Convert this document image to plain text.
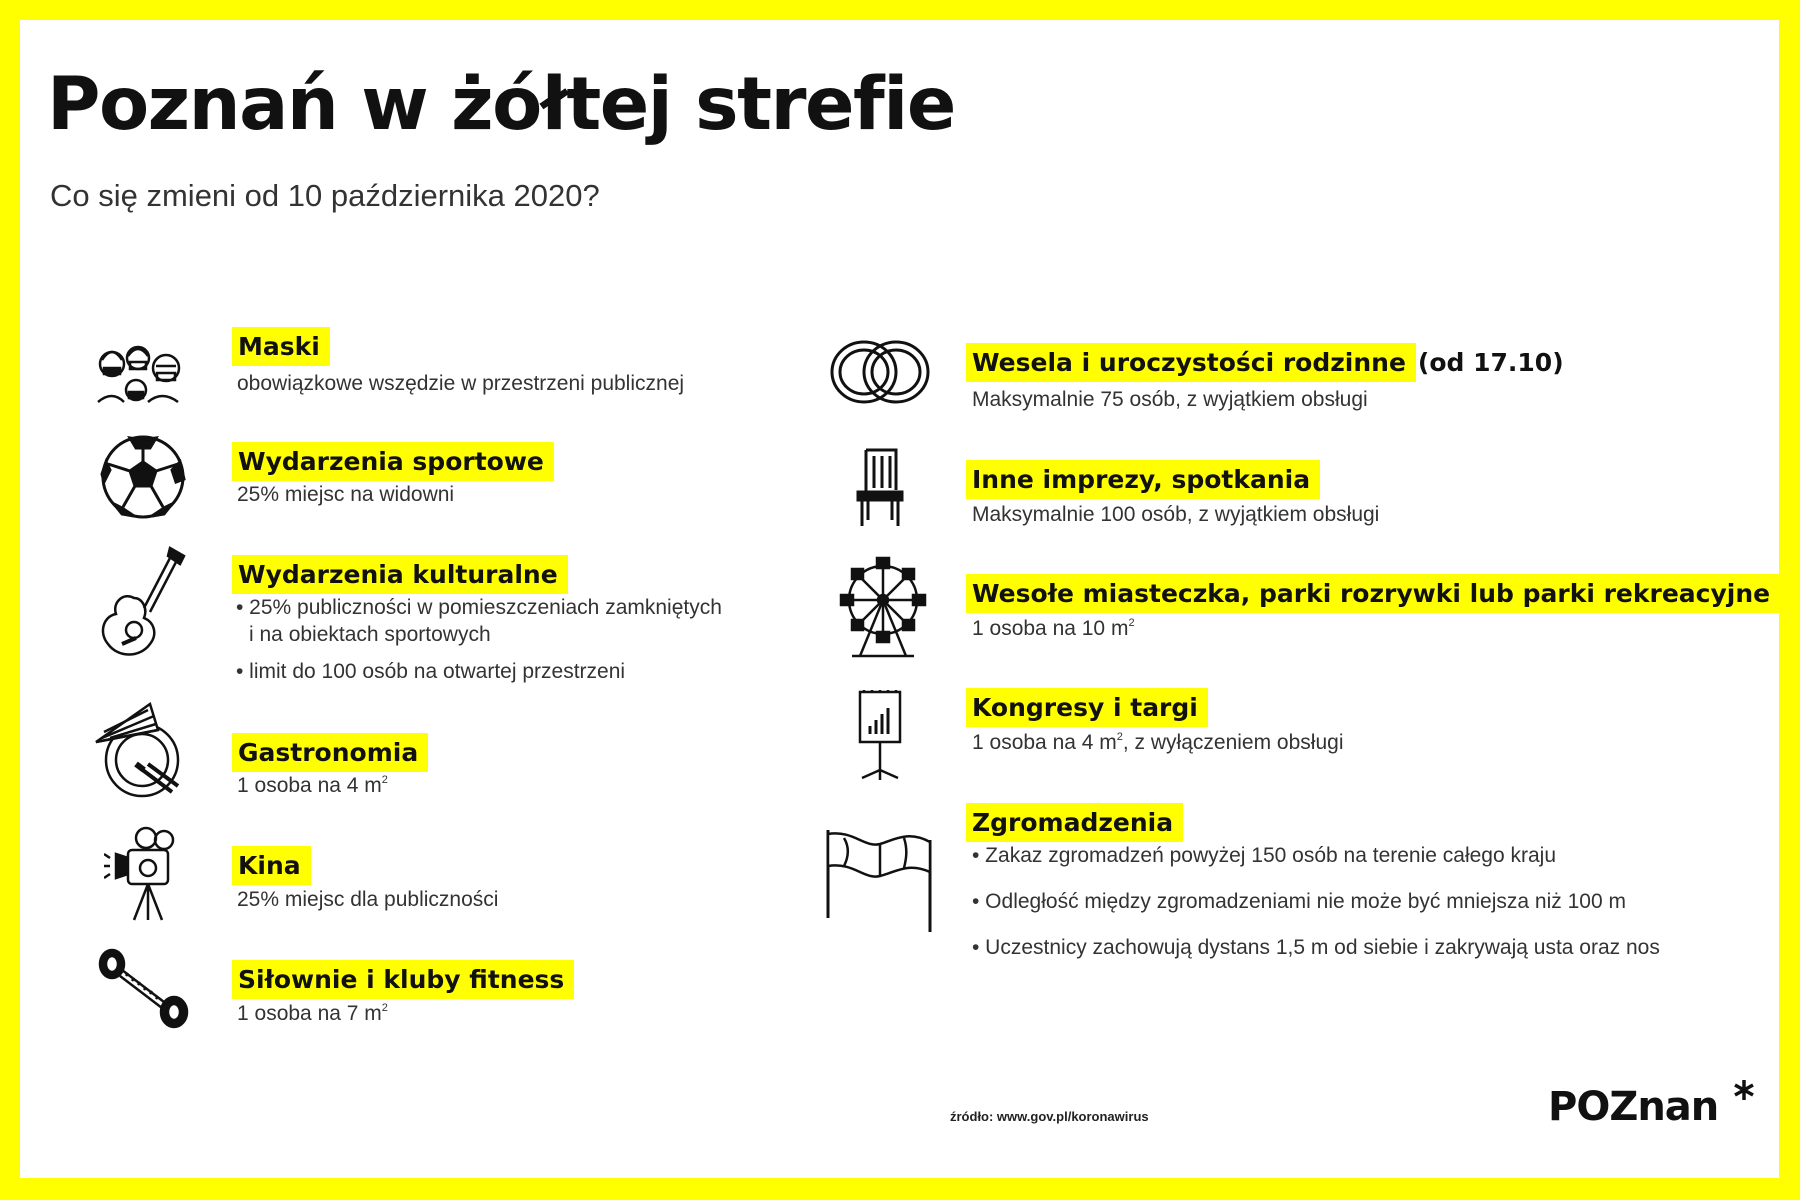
Poznań w żółtej strefie

Co się zmieni od 10 października 2020?

Maski
obowiązkowe wszędzie w przestrzeni publicznej
Wydarzenia sportowe
25% miejsc na widowni
Wydarzenia kulturalne
• 25% publiczności w pomieszczeniach zamkniętych
i na obiektach sportowych
• limit do 100 osób na otwartej przestrzeni
Gastronomia
1 osoba na 4 $m^2$
Kina
25% miejsc dla publiczności
Siłownie i kluby fitness
1 osoba na 7 $m^2$
Wesela i uroczystości rodzinne (od 17.10)
Maksymalnie 75 osób, z wyjątkiem obsługi
Inne imprezy, spotkania
Maksymalnie 100 osób, z wyjątkiem obsługi
Wesołe miasteczka, parki rozrywki lub parki rekreacyjne
1 osoba na 10 $m^2$
Kongresy i targi
1 osoba na 4 $m^2$, z wyłączeniem obsługi
Zgromadzenia
• Zakaz zgromadzeń powyżej 150 osób na terenie całego kraju
• Odległość między zgromadzeniami nie może być mniejsza niż 100 m
• Uczestnicy zachowują dystans 1,5 m od siebie i zakrywają usta oraz nos
źródło: www.gov.pl/koronawirus	POZnan
